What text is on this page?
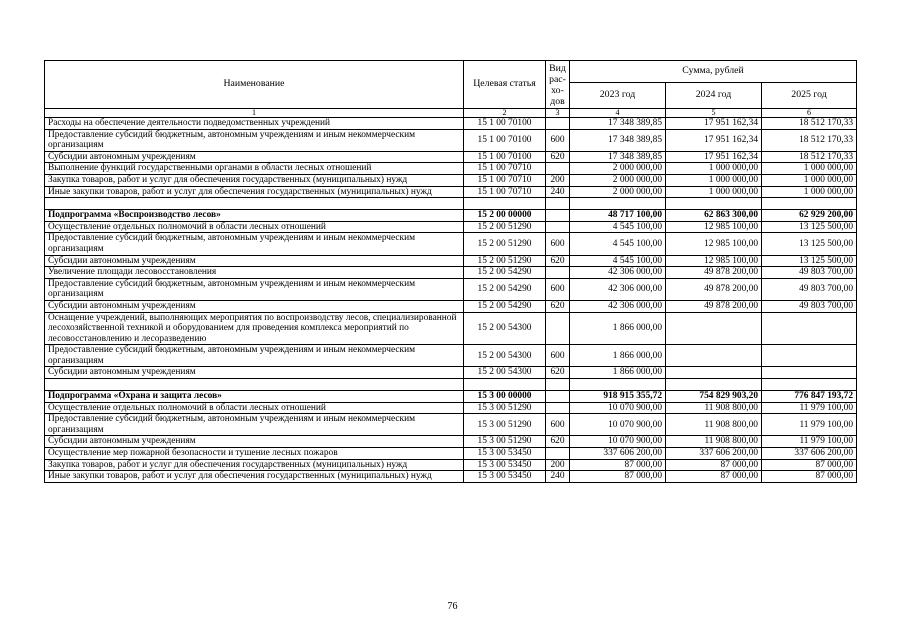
Наименование	Целевая статья	Вид рас-хо-дов	Сумма, рублей		
			2023 год	2024 год	2025 год
1	2	3	4	5	6
Расходы на обеспечение деятельности подведомственных учреждений	15 1 00 70100		17 348 389,85	17 951 162,34	18 512 170,33
Предоставление субсидий бюджетным, автономным учреждениям и иным некоммерческим организациям	15 1 00 70100	600	17 348 389,85	17 951 162,34	18 512 170,33
Субсидии автономным учреждениям	15 1 00 70100	620	17 348 389,85	17 951 162,34	18 512 170,33
Выполнение функций государственными органами в области лесных отношений	15 1 00 70710		2 000 000,00	1 000 000,00	1 000 000,00
Закупка товаров, работ и услуг для обеспечения государственных (муниципальных) нужд	15 1 00 70710	200	2 000 000,00	1 000 000,00	1 000 000,00
Иные закупки товаров, работ и услуг для обеспечения государственных (муниципальных) нужд	15 1 00 70710	240	2 000 000,00	1 000 000,00	1 000 000,00

Подпрограмма «Воспроизводство лесов»	15 2 00 00000		48 717 100,00	62 863 300,00	62 929 200,00
Осуществление отдельных полномочий в области лесных отношений	15 2 00 51290		4 545 100,00	12 985 100,00	13 125 500,00
Предоставление субсидий бюджетным, автономным учреждениям и иным некоммерческим организациям	15 2 00 51290	600	4 545 100,00	12 985 100,00	13 125 500,00
Субсидии автономным учреждениям	15 2 00 51290	620	4 545 100,00	12 985 100,00	13 125 500,00
Увеличение площади лесовосстановления	15 2 00 54290		42 306 000,00	49 878 200,00	49 803 700,00
Предоставление субсидий бюджетным, автономным учреждениям и иным некоммерческим организациям	15 2 00 54290	600	42 306 000,00	49 878 200,00	49 803 700,00
Субсидии автономным учреждениям	15 2 00 54290	620	42 306 000,00	49 878 200,00	49 803 700,00
Оснащение учреждений, выполняющих мероприятия по воспроизводству лесов, специализированной лесохозяйственной техникой и оборудованием для проведения комплекса мероприятий по лесовосстановлению и лесоразведению	15 2 00 54300		1 866 000,00		
Предоставление субсидий бюджетным, автономным учреждениям и иным некоммерческим организациям	15 2 00 54300	600	1 866 000,00		
Субсидии автономным учреждениям	15 2 00 54300	620	1 866 000,00		

Подпрограмма «Охрана и защита лесов»	15 3 00 00000		918 915 355,72	754 829 903,20	776 847 193,72
Осуществление отдельных полномочий в области лесных отношений	15 3 00 51290		10 070 900,00	11 908 800,00	11 979 100,00
Предоставление субсидий бюджетным, автономным учреждениям и иным некоммерческим организациям	15 3 00 51290	600	10 070 900,00	11 908 800,00	11 979 100,00
Субсидии автономным учреждениям	15 3 00 51290	620	10 070 900,00	11 908 800,00	11 979 100,00
Осуществление мер пожарной безопасности и тушение лесных пожаров	15 3 00 53450		337 606 200,00	337 606 200,00	337 606 200,00
Закупка товаров, работ и услуг для обеспечения государственных (муниципальных) нужд	15 3 00 53450	200	87 000,00	87 000,00	87 000,00
Иные закупки товаров, работ и услуг для обеспечения государственных (муниципальных) нужд	15 3 00 53450	240	87 000,00	87 000,00	87 000,00
76
